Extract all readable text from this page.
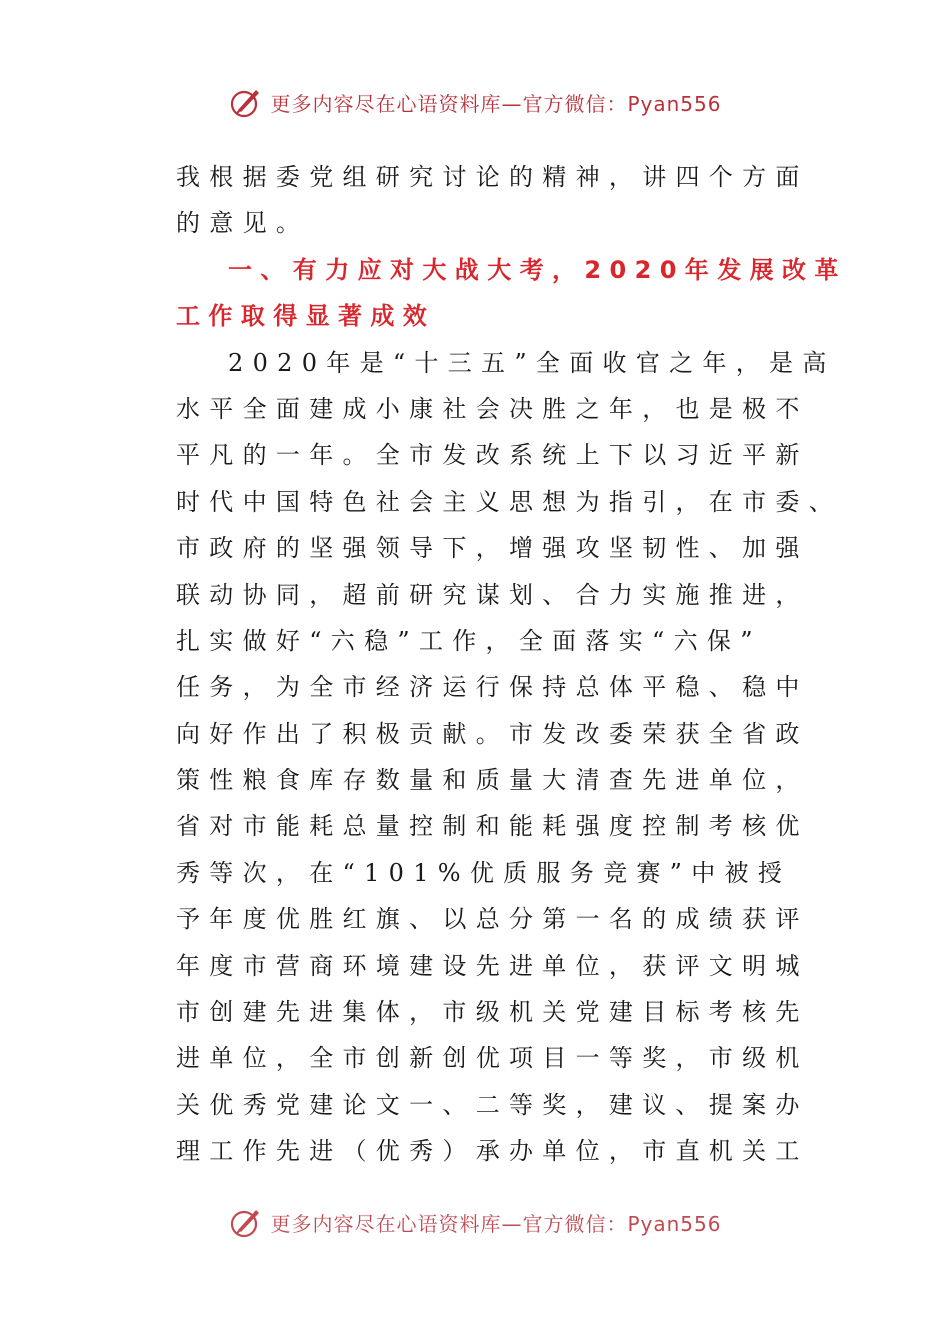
更多内容尽在心语资料库—官方微信：Pyan556
我根据委党组研究讨论的精神，讲四个方面
的意见。
一、有力应对大战大考，2020年发展改革
工作取得显著成效
2020年是“十三五”全面收官之年，是高
水平全面建成小康社会决胜之年，也是极不
平凡的一年。全市发改系统上下以习近平新
时代中国特色社会主义思想为指引，在市委、
市政府的坚强领导下，增强攻坚韧性、加强
联动协同，超前研究谋划、合力实施推进，
扎实做好“六稳”工作，全面落实“六保”
任务，为全市经济运行保持总体平稳、稳中
向好作出了积极贡献。市发改委荣获全省政
策性粮食库存数量和质量大清查先进单位，
省对市能耗总量控制和能耗强度控制考核优
秀等次，在“101%优质服务竞赛”中被授
予年度优胜红旗、以总分第一名的成绩获评
年度市营商环境建设先进单位，获评文明城
市创建先进集体，市级机关党建目标考核先
进单位，全市创新创优项目一等奖，市级机
关优秀党建论文一、二等奖，建议、提案办
理工作先进（优秀）承办单位，市直机关工
更多内容尽在心语资料库—官方微信：Pyan556
